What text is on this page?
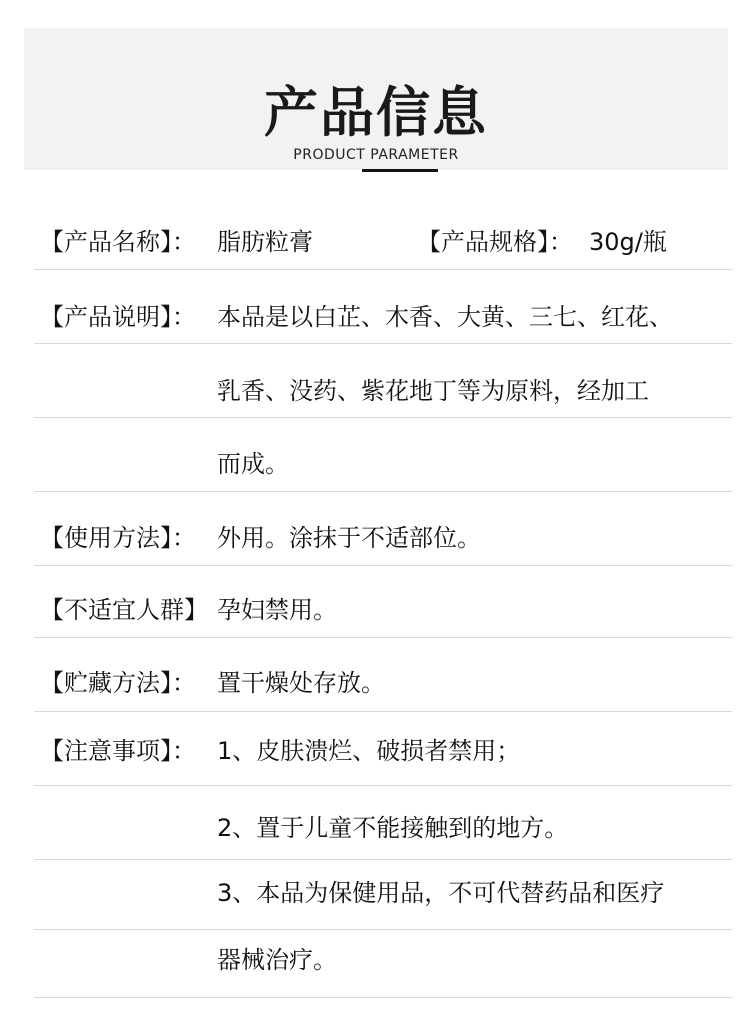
产品信息
PRODUCT PARAMETER
【产品名称】： 脂肪粒膏	【产品规格】： 30g/瓶
【产品说明】： 本品是以白芷、木香、大黄、三七、红花、
乳香、没药、紫花地丁等为原料，经加工
而成。
【使用方法】： 外用。涂抹于不适部位。
【不适宜人群】 孕妇禁用。
【贮藏方法】： 置干燥处存放。
【注意事项】： 1、皮肤溃烂、破损者禁用；
2、置于儿童不能接触到的地方。
3、本品为保健用品，不可代替药品和医疗
器械治疗。
